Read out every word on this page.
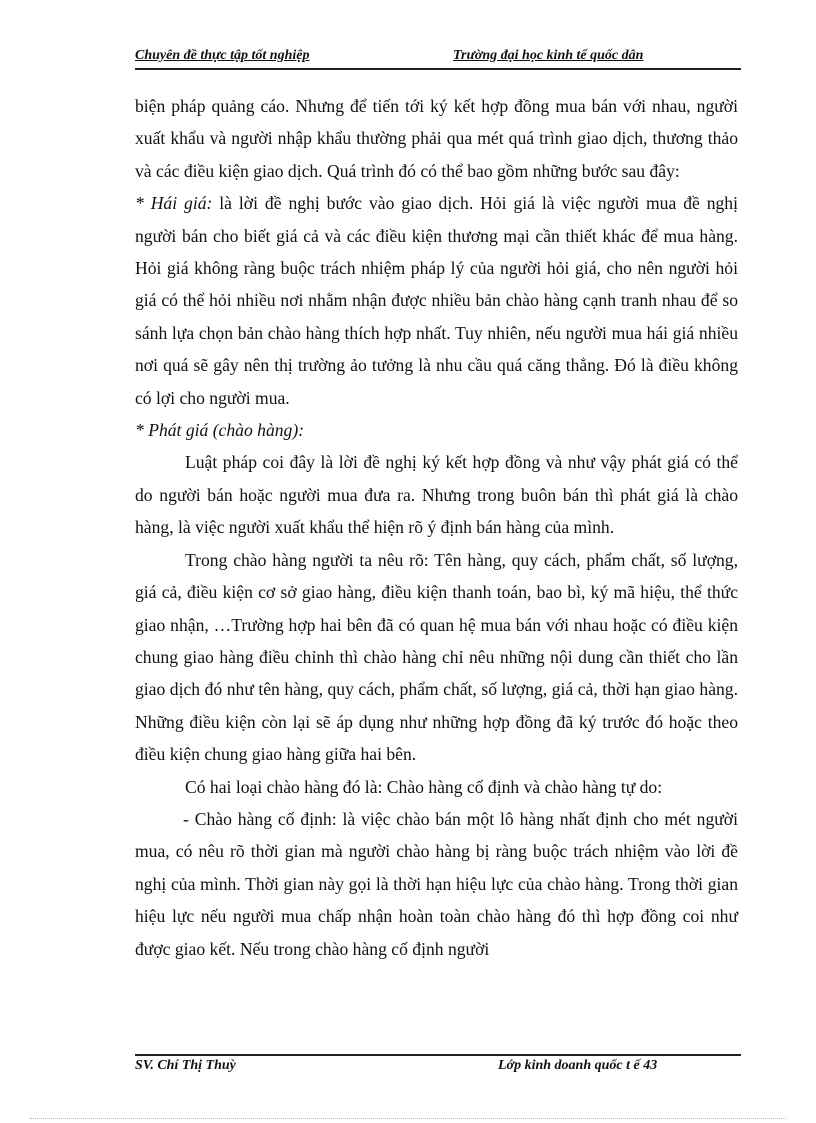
Chuyên đề thực tập tốt nghiệp	Trường đại học kinh tế quốc dân

biện pháp quảng cáo. Nhưng để tiến tới ký kết hợp đồng mua bán với nhau, người xuất khẩu và người nhập khẩu thường phải qua mét quá trình giao dịch, thương thảo và các điều kiện giao dịch. Quá trình đó có thể bao gồm những bước sau đây:

* Hái giá: là lời đề nghị bước vào giao dịch. Hỏi giá là việc người mua đề nghị người bán cho biết giá cả và các điều kiện thương mại cần thiết khác để mua hàng. Hỏi giá không ràng buộc trách nhiệm pháp lý của người hỏi giá, cho nên người hỏi giá có thể hỏi nhiều nơi nhằm nhận được nhiều bản chào hàng cạnh tranh nhau để so sánh lựa chọn bản chào hàng thích hợp nhất. Tuy nhiên, nếu người mua hái giá nhiều nơi quá sẽ gây nên thị trường ảo tưởng là nhu cầu quá căng thẳng. Đó là điều không có lợi cho người mua.

* Phát giá (chào hàng):

Luật pháp coi đây là lời đề nghị ký kết hợp đồng và như vậy phát giá có thể do người bán hoặc người mua đưa ra. Nhưng trong buôn bán thì phát giá là chào hàng, là việc người xuất khẩu thể hiện rõ ý định bán hàng của mình.

Trong chào hàng người ta nêu rõ: Tên hàng, quy cách, phẩm chất, số lượng, giá cả, điều kiện cơ sở giao hàng, điều kiện thanh toán, bao bì, ký mã hiệu, thể thức giao nhận, …Trường hợp hai bên đã có quan hệ mua bán với nhau hoặc có điều kiện chung giao hàng điều chỉnh thì chào hàng chỉ nêu những nội dung cần thiết cho lần giao dịch đó như tên hàng, quy cách, phẩm chất, số lượng, giá cả, thời hạn giao hàng. Những điều kiện còn lại sẽ áp dụng như những hợp đồng đã ký trước đó hoặc theo điều kiện chung giao hàng giữa hai bên.

Có hai loại chào hàng đó là: Chào hàng cố định và chào hàng tự do:

- Chào hàng cố định: là việc chào bán một lô hàng nhất định cho mét người mua, có nêu rõ thời gian mà người chào hàng bị ràng buộc trách nhiệm vào lời đề nghị của mình. Thời gian này gọi là thời hạn hiệu lực của chào hàng. Trong thời gian hiệu lực nếu người mua chấp nhận hoàn toàn chào hàng đó thì hợp đồng coi như được giao kết. Nếu trong chào hàng cố định người

SV. Chí Thị Thuỳ	Lớp kinh doanh quốc t ế 43
